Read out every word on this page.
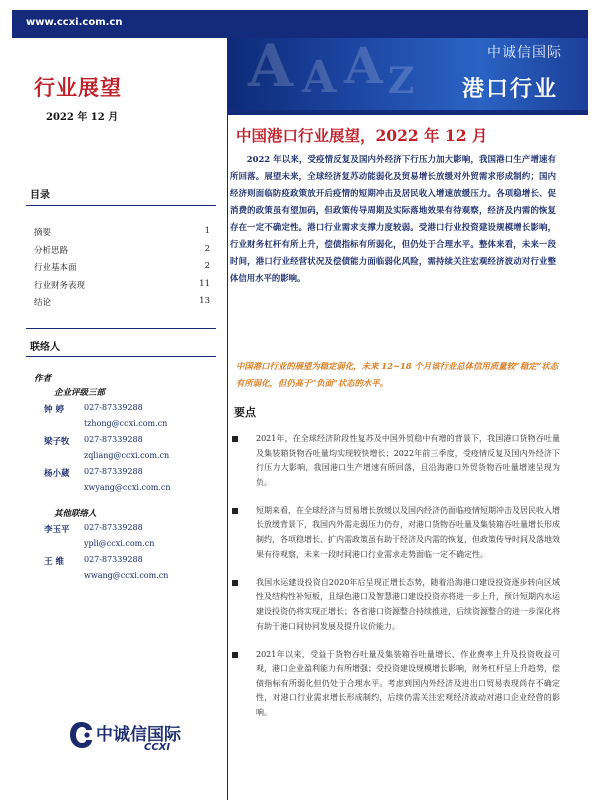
www.ccxi.com.cn
行业展望
2022 年 12 月
A A A Z
中诚信国际
港口行业
目录
摘要	1
分析思路	2
行业基本面	2
行业财务表现	11
结论	13
联络人
作者
企业评级三部
钟 婷	027-87339288
tzhong@ccxi.com.cn
梁子牧 027-87339288
zqliang@ccxi.com.cn
杨小葳 027-87339288
xwyang@ccxi.com.cn
其他联络人
李玉平 027-87339288
ypli@ccxi.com.cn
王 维	027-87339288
wwang@ccxi.com.cn
中诚信国际
CCXI
中国港口行业展望，2022 年 12 月

2022 年以来，受疫情反复及国内外经济下行压力加大影响，我国港口生产增速有所回落。展望未来，全球经济复苏动能弱化及贸易增长放缓对外贸需求形成制约；国内经济则面临防疫政策放开后疫情的短期冲击及居民收入增速放缓压力。各项稳增长、促消费的政策虽有望加码，但政策传导周期及实际落地效果有待观察，经济及内需的恢复存在一定不确定性。港口行业需求支撑力度较弱。受港口行业投资建设规模增长影响，行业财务杠杆有所上升，偿债指标有所弱化，但仍处于合理水平。整体来看，未来一段时间，港口行业经营状况及偿债能力面临弱化风险，需持续关注宏观经济波动对行业整体信用水平的影响。

中国港口行业的展望为稳定弱化，未来 12~18 个月该行业总体信用质量较“稳定”状态有所弱化，但仍高于“负面”状态的水平。

要点
2021年，在全球经济阶段性复苏及中国外贸稳中有增的背景下，我国港口货物吞吐量及集装箱货物吞吐量均实现较快增长；2022年前三季度，受疫情反复及国内外经济下行压力大影响，我国港口生产增速有所回落，且沿海港口外贸货物吞吐量增速呈现为负。
短期来看，在全球经济与贸易增长放缓以及国内经济仍面临疫情短期冲击及居民收入增长放缓背景下，我国内外需走弱压力仍存，对港口货物吞吐量及集装箱吞吐量增长形成制约，各项稳增长、扩内需政策虽有助于经济及内需的恢复，但政策传导时间及落地效果有待观察，未来一段时间港口行业需求走势面临一定不确定性。
我国水运建设投资自2020年后呈现正增长态势，随着沿海港口建设投资逐步转向区域性及结构性补短板，且绿色港口及智慧港口建设投资亦将进一步上升，预计短期内水运建设投资仍将实现正增长；各省港口资源整合持续推进，后续资源整合的进一步深化将有助于港口间协同发展及提升议价能力。
2021年以来，受益于货物吞吐量及集装箱吞吐量增长、作业费率上升及投资收益可观，港口企业盈利能力有所增强；受投资建设规模增长影响，财务杠杆呈上升趋势，偿债指标有所弱化但仍处于合理水平。考虑到国内外经济及进出口贸易表现尚存不确定性，对港口行业需求增长形成制约，后续仍需关注宏观经济波动对港口企业经营的影响。
